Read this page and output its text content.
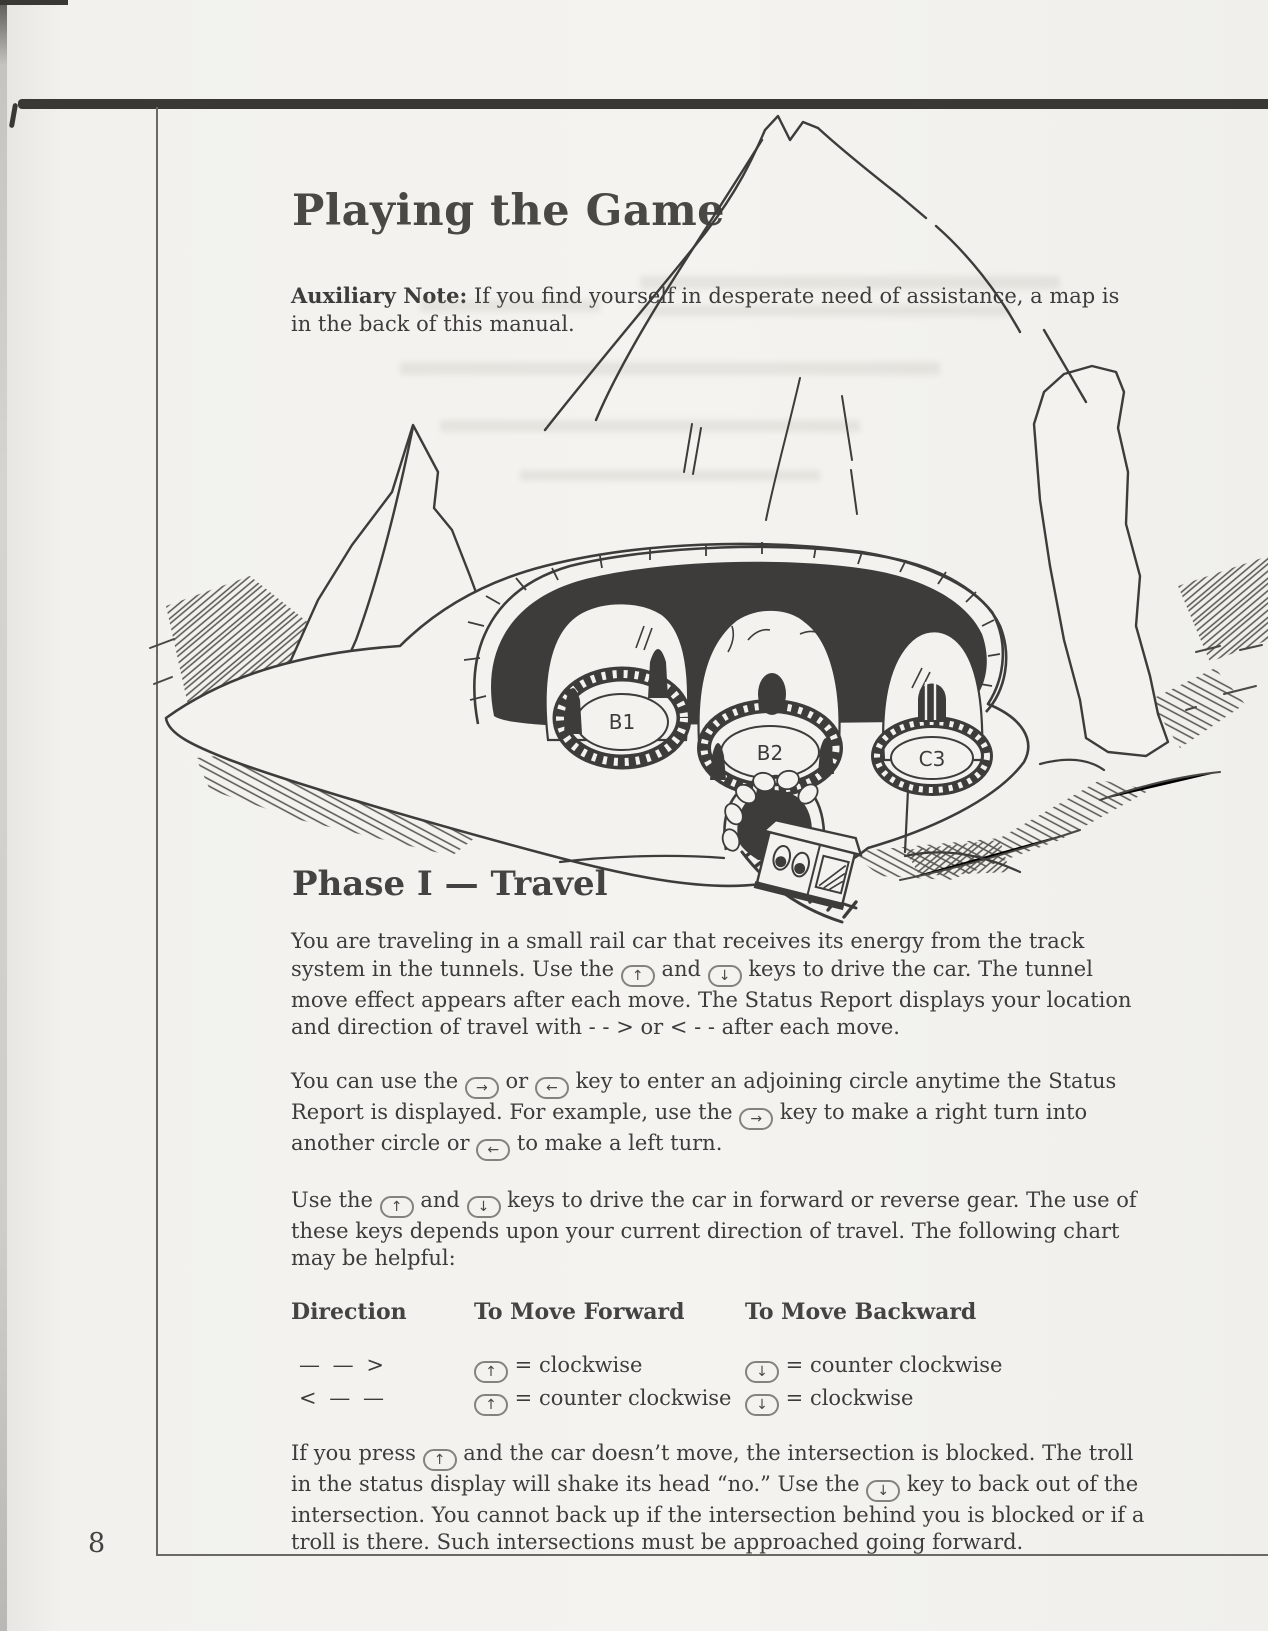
B1
B2	C3
Playing the Game
Auxiliary Note: If you find yourself in desperate need of assistance, a map is
in the back of this manual.
Phase I — Travel
You are traveling in a small rail car that receives its energy from the track
system in the tunnels. Use the ↑ and ↓ keys to drive the car. The tunnel
move effect appears after each move. The Status Report displays your location
and direction of travel with - - > or < - - after each move.
You can use the → or ← key to enter an adjoining circle anytime the Status
Report is displayed. For example, use the → key to make a right turn into
another circle or ← to make a left turn.
Use the ↑ and ↓ keys to drive the car in forward or reverse gear. The use of
these keys depends upon your current direction of travel. The following chart
may be helpful:
Direction	To Move Forward	To Move Backward
— — >	↑ = clockwise	↓ = counter clockwise
< — —	↑ = counter clockwise	↓ = clockwise
If you press ↑ and the car doesn’t move, the intersection is blocked. The troll
in the status display will shake its head “no.” Use the ↓ key to back out of the
intersection. You cannot back up if the intersection behind you is blocked or if a
troll is there. Such intersections must be approached going forward.
8
